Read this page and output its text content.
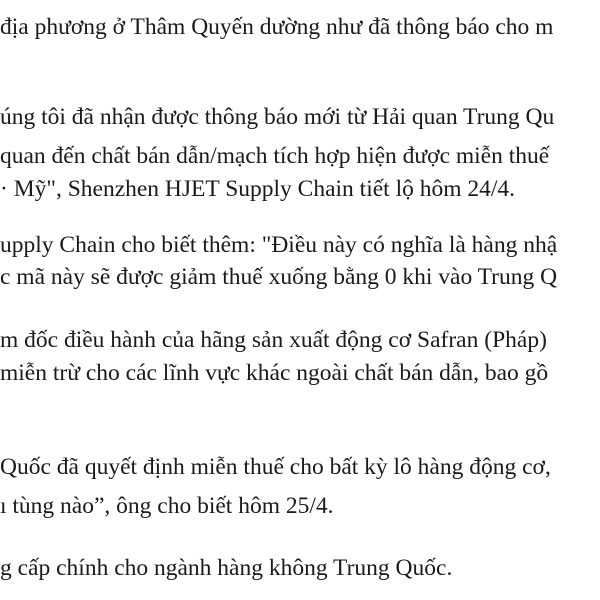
địa phương ở Thâm Quyến dường như đã thông báo cho m
úng tôi đã nhận được thông báo mới từ Hải quan Trung Qu
quan đến chất bán dẫn/mạch tích hợp hiện được miễn thuế
· Mỹ", Shenzhen HJET Supply Chain tiết lộ hôm 24/4.
upply Chain cho biết thêm: "Điều này có nghĩa là hàng nhậ
c mã này sẽ được giảm thuế xuống bằng 0 khi vào Trung Q
m đốc điều hành của hãng sản xuất động cơ Safran (Pháp)
miễn trừ cho các lĩnh vực khác ngoài chất bán dẫn, bao gồ
Quốc đã quyết định miễn thuế cho bất kỳ lô hàng động cơ,
ı tùng nào”, ông cho biết hôm 25/4.
g cấp chính cho ngành hàng không Trung Quốc.
